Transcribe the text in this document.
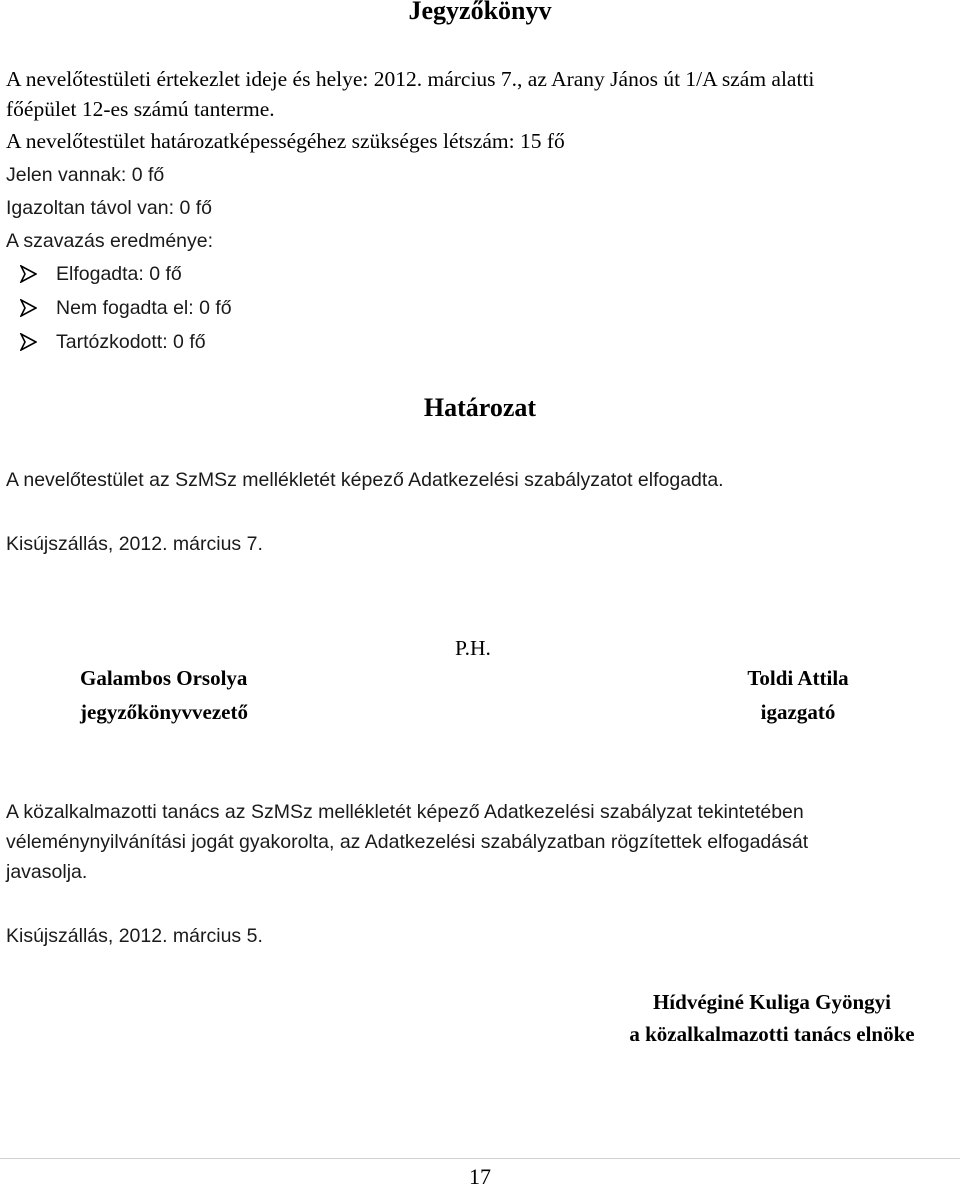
Jegyzőkönyv
A nevelőtestületi értekezlet ideje és helye: 2012. március 7., az Arany János út 1/A szám alatti
főépület 12-es számú tanterme.
A nevelőtestület határozatképességéhez szükséges létszám: 15 fő
Jelen vannak: 0 fő
Igazoltan távol van: 0 fő
A szavazás eredménye:
Elfogadta: 0 fő
Nem fogadta el: 0 fő
Tartózkodott: 0 fő
Határozat
A nevelőtestület az SzMSz mellékletét képező Adatkezelési szabályzatot elfogadta.
Kisújszállás, 2012. március 7.
P.H.
Galambos Orsolya
jegyzőkönyvvezető
Toldi Attila
igazgató
A közalkalmazotti tanács az SzMSz mellékletét képező Adatkezelési szabályzat tekintetében
véleménynyilvánítási jogát gyakorolta, az Adatkezelési szabályzatban rögzítettek elfogadását
javasolja.
Kisújszállás, 2012. március 5.
Hídvéginé Kuliga Gyöngyi
a közalkalmazotti tanács elnöke
17
